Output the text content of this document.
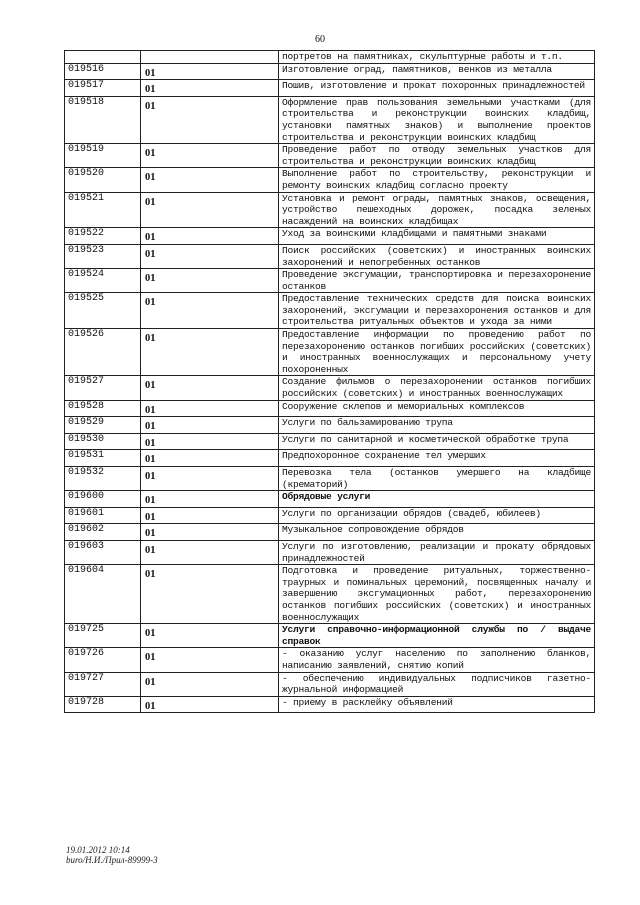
60
		портретов на памятниках, скульптурные работы и т.п.
019516	01	Изготовление оград, памятников, венков из металла
019517	01	Пошив, изготовление и прокат похоронных принадлежностей
019518	01	Оформление прав пользования земельными участками (для строительства и реконструкции воинских кладбищ, установки памятных знаков) и выполнение проектов строительства и реконструкции воинских кладбищ
019519	01	Проведение работ по отводу земельных участков для строительства и реконструкции воинских кладбищ
019520	01	Выполнение работ по строительству, реконструкции и ремонту воинских кладбищ согласно проекту
019521	01	Установка и ремонт ограды, памятных знаков, освещения, устройство пешеходных дорожек, посадка зеленых насаждений на воинских кладбищах
019522	01	Уход за воинскими кладбищами и памятными знаками
019523	01	Поиск российских (советских) и иностранных воинских захоронений и непогребенных останков
019524	01	Проведение эксгумации, транспортировка и перезахоронение останков
019525	01	Предоставление технических средств для поиска воинских захоронений, эксгумации и перезахоронения останков и для строительства ритуальных объектов и ухода за ними
019526	01	Предоставление информации по проведению работ по перезахоронению останков погибших российских (советских) и иностранных военнослужащих и персональному учету похороненных
019527	01	Создание фильмов о перезахоронении останков погибших российских (советских) и иностранных военнослужащих
019528	01	Сооружение склепов и мемориальных комплексов
019529	01	Услуги по бальзамированию трупа
019530	01	Услуги по санитарной и косметической обработке трупа
019531	01	Предпохоронное сохранение тел умерших
019532	01	Перевозка тела (останков умершего на кладбище (крематорий)
019600	01	Обрядовые услуги
019601	01	Услуги по организации обрядов (свадеб, юбилеев)
019602	01	Музыкальное сопровождение обрядов
019603	01	Услуги по изготовлению, реализации и прокату обрядовых принадлежностей
019604	01	Подготовка и проведение ритуальных, торжественно-траурных и поминальных церемоний, посвященных началу и завершению эксгумационных работ, перезахоронению останков погибших российских (советских) и иностранных военнослужащих
019725	01	Услуги справочно-информационной службы по / выдаче справок
019726	01	- оказанию услуг населению по заполнению бланков, написанию заявлений, снятию копий
019727	01	- обеспечению индивидуальных подписчиков газетно-журнальной информацией
019728	01	- приему в расклейку объявлений
19.01.2012 10:14
buro/Н.И./Прил-89999-3
